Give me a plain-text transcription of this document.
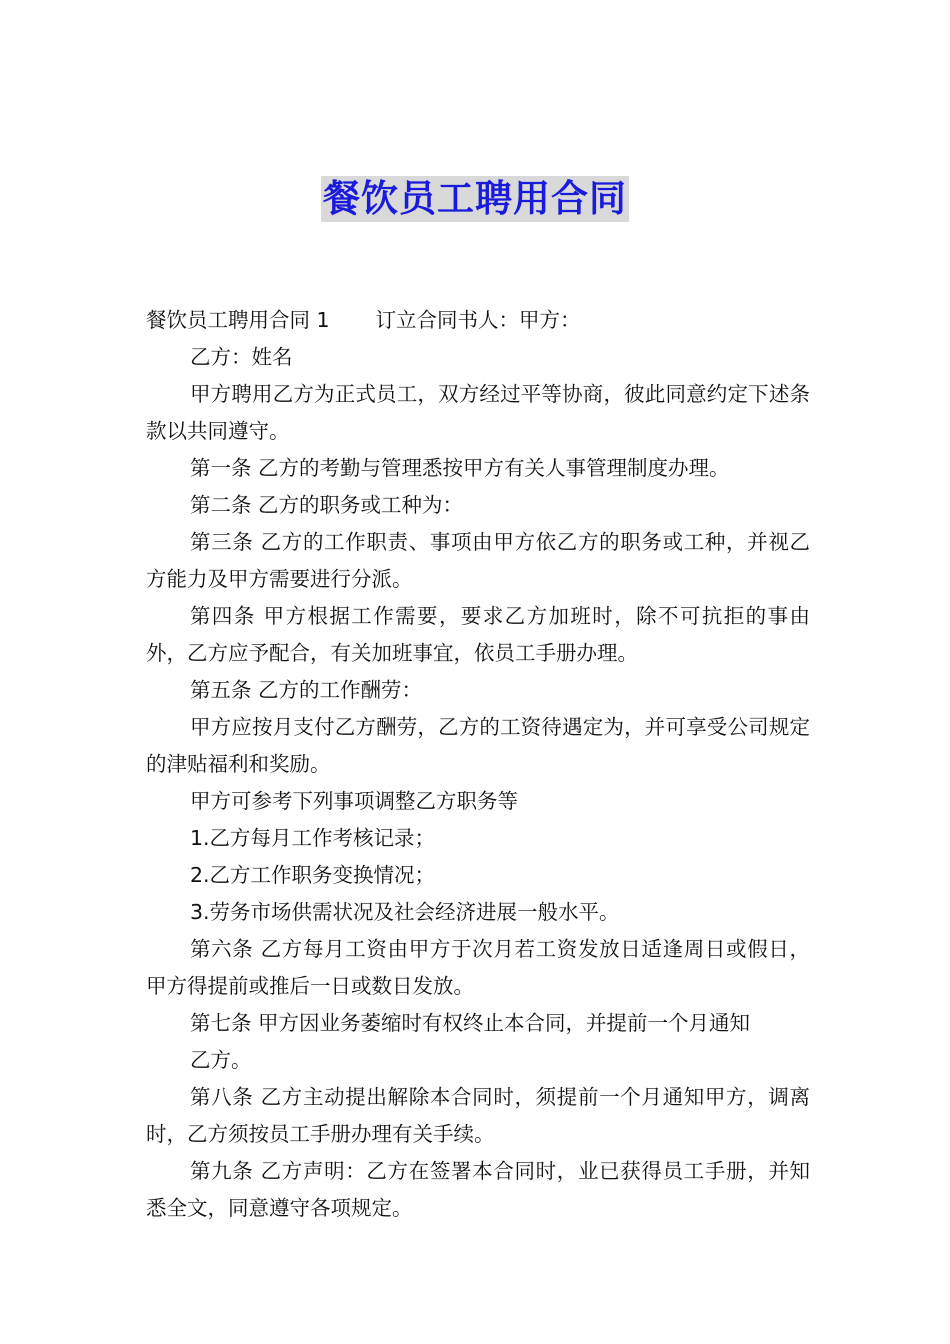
餐饮员工聘用合同

餐饮员工聘用合同 1 订立合同书人：甲方：

乙方：姓名

甲方聘用乙方为正式员工，双方经过平等协商，彼此同意约定下述条款以共同遵守。

第一条 乙方的考勤与管理悉按甲方有关人事管理制度办理。

第二条 乙方的职务或工种为：

第三条 乙方的工作职责、事项由甲方依乙方的职务或工种，并视乙方能力及甲方需要进行分派。

第四条 甲方根据工作需要，要求乙方加班时，除不可抗拒的事由外，乙方应予配合，有关加班事宜，依员工手册办理。

第五条 乙方的工作酬劳：

甲方应按月支付乙方酬劳，乙方的工资待遇定为，并可享受公司规定的津贴福利和奖励。

甲方可参考下列事项调整乙方职务等

1.乙方每月工作考核记录；

2.乙方工作职务变换情况；

3.劳务市场供需状况及社会经济进展一般水平。

第六条 乙方每月工资由甲方于次月若工资发放日适逢周日或假日，甲方得提前或推后一日或数日发放。

第七条 甲方因业务萎缩时有权终止本合同，并提前一个月通知
乙方。

第八条 乙方主动提出解除本合同时，须提前一个月通知甲方，调离时，乙方须按员工手册办理有关手续。

第九条 乙方声明：乙方在签署本合同时，业已获得员工手册，并知悉全文，同意遵守各项规定。
